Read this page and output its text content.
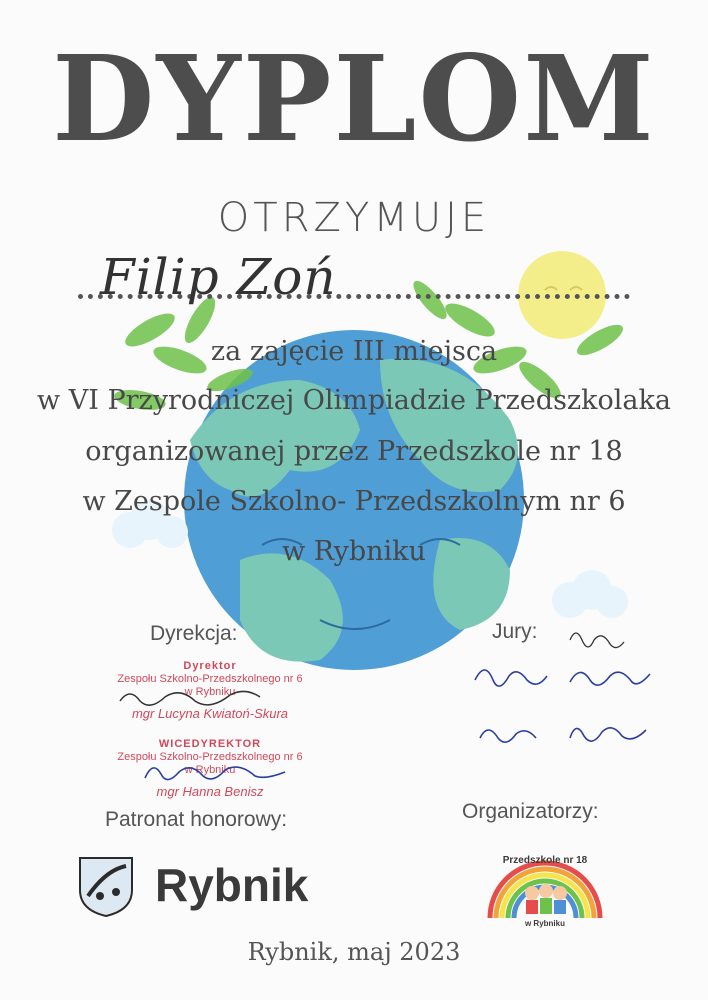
DYPLOM
OTRZYMUJE
Filip Zoń
za zajęcie III miejsca
w VI Przyrodniczej Olimpiadzie Przedszkolaka
organizowanej przez Przedszkole nr 18
w Zespole Szkolno- Przedszkolnym nr 6
w Rybniku
Dyrekcja:
Dyrektor
Zespołu Szkolno-Przedszkolnego nr 6
w Rybniku
mgr Lucyna Kwiatoń-Skura
WICEDYREKTOR
Zespołu Szkolno-Przedszkolnego nr 6
w Rybniku
mgr Hanna Benisz
Jury:
Patronat honorowy:
Rybnik
Organizatorzy:
Przedszkole nr 18
w Rybniku
Rybnik, maj 2023
